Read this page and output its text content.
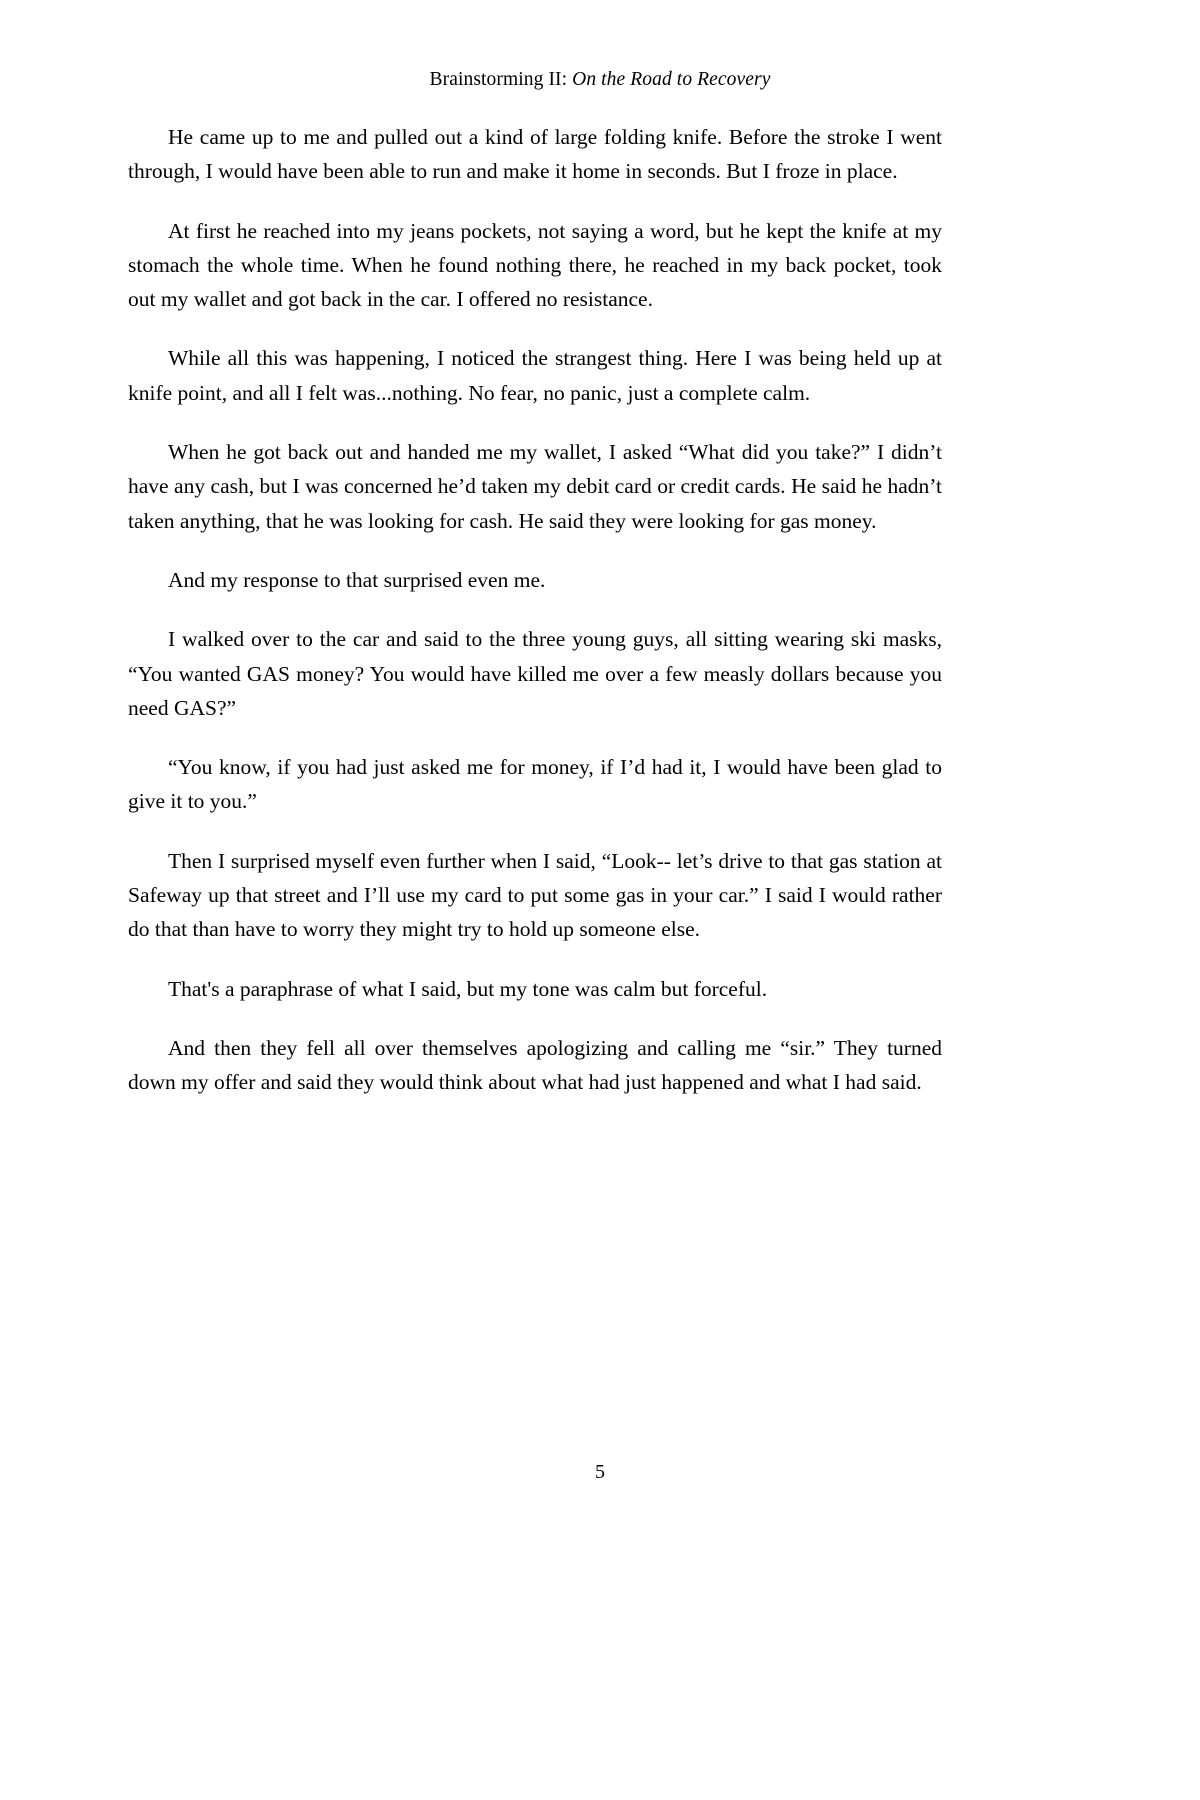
Brainstorming II: On the Road to Recovery

He came up to me and pulled out a kind of large folding knife. Before the stroke I went through, I would have been able to run and make it home in seconds. But I froze in place.

At first he reached into my jeans pockets, not saying a word, but he kept the knife at my stomach the whole time. When he found nothing there, he reached in my back pocket, took out my wallet and got back in the car. I offered no resistance.

While all this was happening, I noticed the strangest thing. Here I was being held up at knife point, and all I felt was...nothing. No fear, no panic, just a complete calm.

When he got back out and handed me my wallet, I asked “What did you take?” I didn’t have any cash, but I was concerned he’d taken my debit card or credit cards. He said he hadn’t taken anything, that he was looking for cash. He said they were looking for gas money.

And my response to that surprised even me.

I walked over to the car and said to the three young guys, all sitting wearing ski masks, “You wanted GAS money? You would have killed me over a few measly dollars because you need GAS?”

“You know, if you had just asked me for money, if I’d had it, I would have been glad to give it to you.”

Then I surprised myself even further when I said, “Look-- let’s drive to that gas station at Safeway up that street and I’ll use my card to put some gas in your car.” I said I would rather do that than have to worry they might try to hold up someone else.

That's a paraphrase of what I said, but my tone was calm but forceful.

And then they fell all over themselves apologizing and calling me “sir.” They turned down my offer and said they would think about what had just happened and what I had said.

5
